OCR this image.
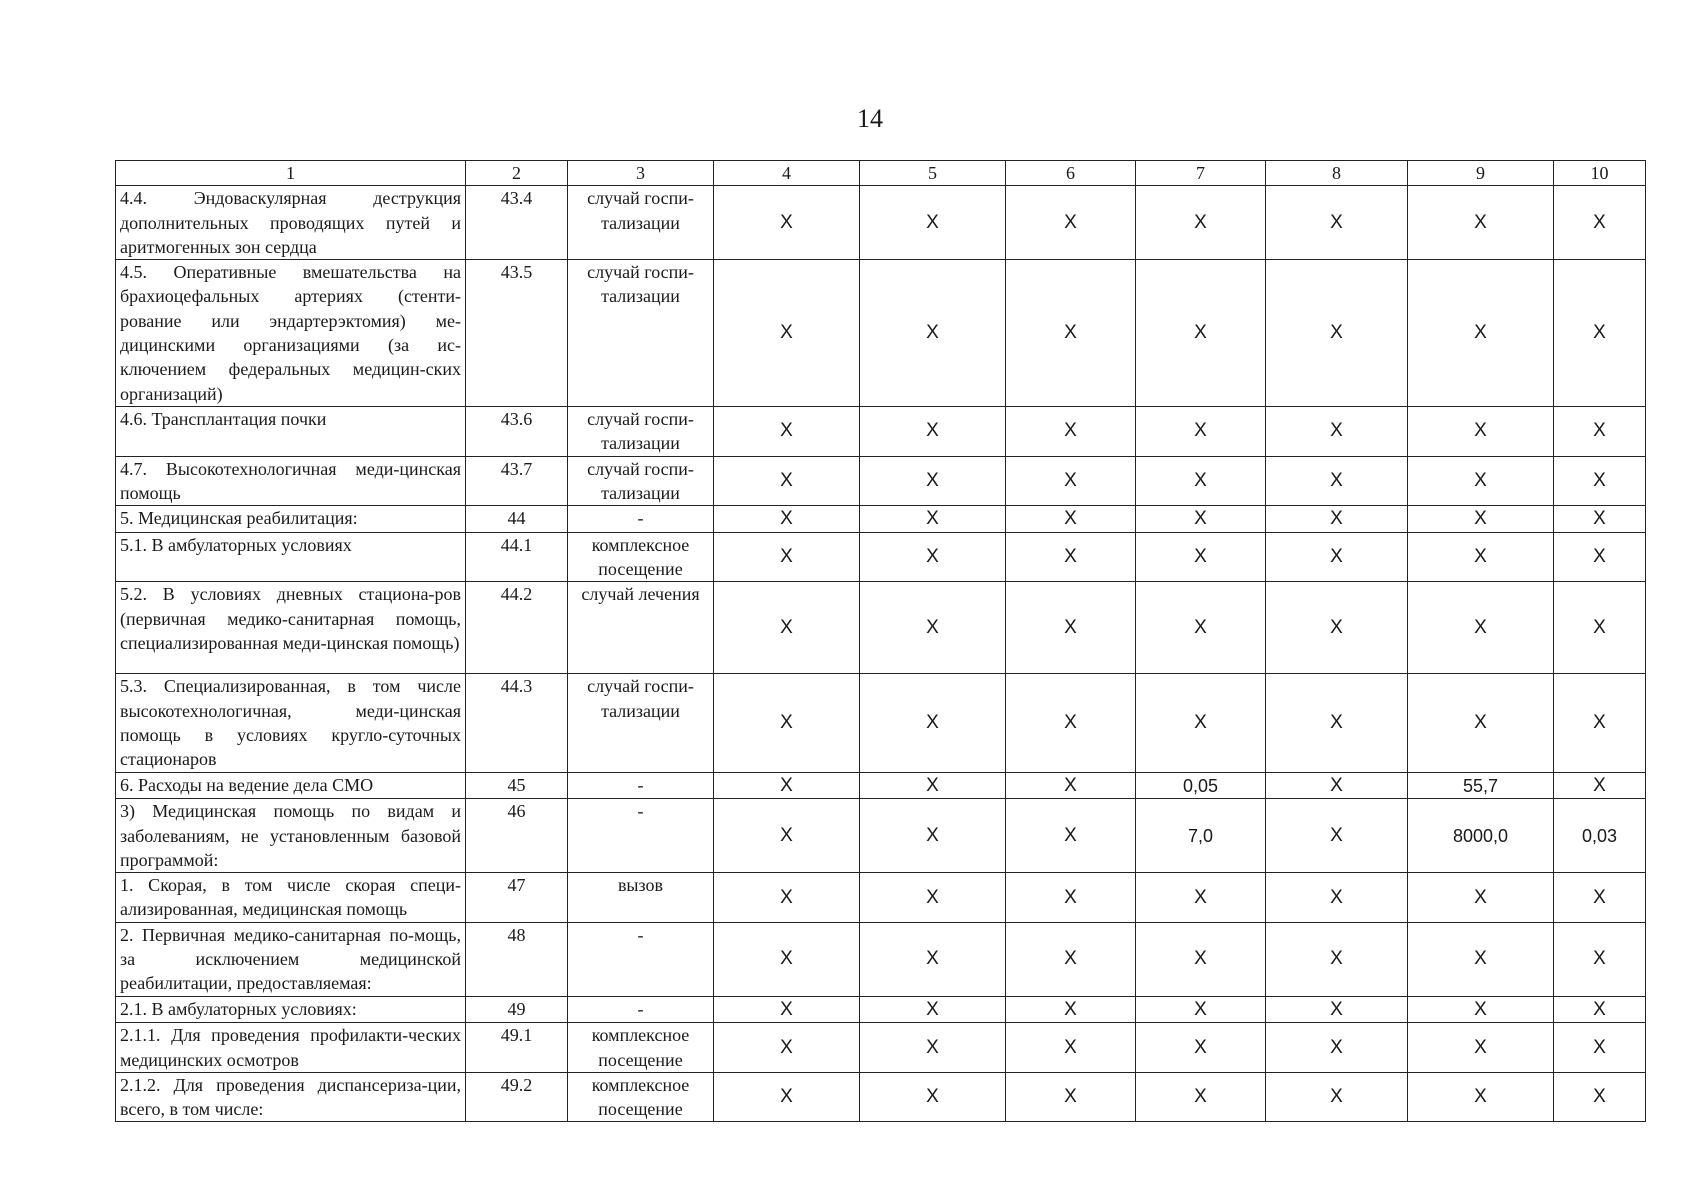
14
1	2	3	4	5	6	7	8	9	10
4.4. Эндоваскулярная деструкция дополнительных проводящих путей и аритмогенных зон сердца	43.4	случай госпи-тализации	X	X	X	X	X	X	X
4.5. Оперативные вмешательства на брахиоцефальных артериях (стенти-рование или эндартерэктомия) ме-дицинскими организациями (за ис-ключением федеральных медицин-ских организаций)	43.5	случай госпи-тализации	X	X	X	X	X	X	X
4.6. Трансплантация почки	43.6	случай госпи-тализации	X	X	X	X	X	X	X
4.7. Высокотехнологичная меди-цинская помощь	43.7	случай госпи-тализации	X	X	X	X	X	X	X
5. Медицинская реабилитация:	44	-	X	X	X	X	X	X	X
5.1. В амбулаторных условиях	44.1	комплексное посещение	X	X	X	X	X	X	X
5.2. В условиях дневных стациона-ров (первичная медико-санитарная помощь, специализированная меди-цинская помощь)	44.2	случай лечения	X	X	X	X	X	X	X
5.3. Специализированная, в том числе высокотехнологичная, меди-цинская помощь в условиях кругло-суточных стационаров	44.3	случай госпи-тализации	X	X	X	X	X	X	X
6. Расходы на ведение дела СМО	45	-	X	X	X	0,05	X	55,7	X
3) Медицинская помощь по видам и заболеваниям, не установленным базовой программой:	46	-	X	X	X	7,0	X	8000,0	0,03
1. Скорая, в том числе скорая специ-ализированная, медицинская помощь	47	вызов	X	X	X	X	X	X	X
2. Первичная медико-санитарная по-мощь, за исключением медицинской реабилитации, предоставляемая:	48	-	X	X	X	X	X	X	X
2.1. В амбулаторных условиях:	49	-	X	X	X	X	X	X	X
2.1.1. Для проведения профилакти-ческих медицинских осмотров	49.1	комплексное посещение	X	X	X	X	X	X	X
2.1.2. Для проведения диспансериза-ции, всего, в том числе:	49.2	комплексное посещение	X	X	X	X	X	X	X
